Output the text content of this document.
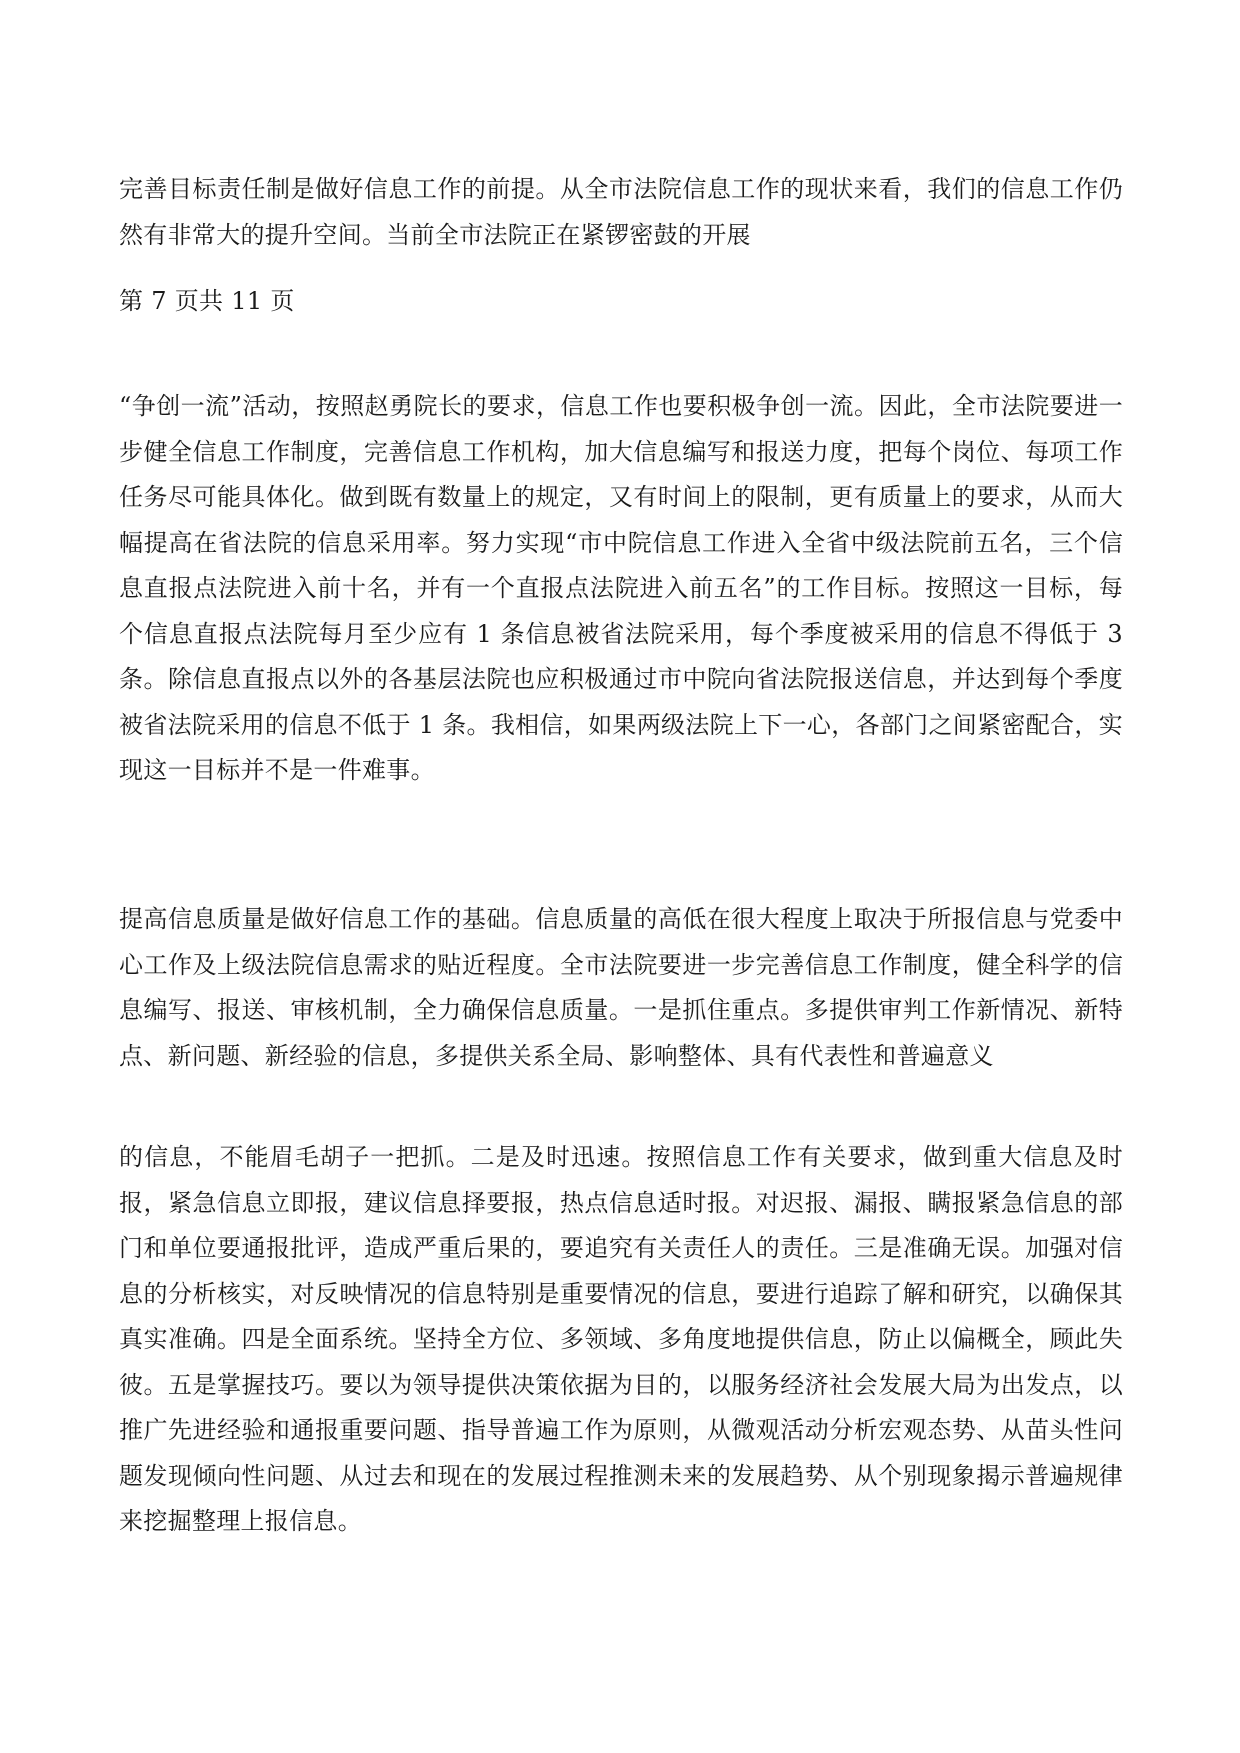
完善目标责任制是做好信息工作的前提。从全市法院信息工作的现状来看，我们的信息工作仍然有非常大的提升空间。当前全市法院正在紧锣密鼓的开展

第 7 页共 11 页

“争创一流”活动，按照赵勇院长的要求，信息工作也要积极争创一流。因此，全市法院要进一步健全信息工作制度，完善信息工作机构，加大信息编写和报送力度，把每个岗位、每项工作任务尽可能具体化。做到既有数量上的规定，又有时间上的限制，更有质量上的要求，从而大幅提高在省法院的信息采用率。努力实现“市中院信息工作进入全省中级法院前五名，三个信息直报点法院进入前十名，并有一个直报点法院进入前五名”的工作目标。按照这一目标，每个信息直报点法院每月至少应有 1 条信息被省法院采用，每个季度被采用的信息不得低于 3 条。除信息直报点以外的各基层法院也应积极通过市中院向省法院报送信息，并达到每个季度被省法院采用的信息不低于 1 条。我相信，如果两级法院上下一心，各部门之间紧密配合，实现这一目标并不是一件难事。

提高信息质量是做好信息工作的基础。信息质量的高低在很大程度上取决于所报信息与党委中心工作及上级法院信息需求的贴近程度。全市法院要进一步完善信息工作制度，健全科学的信息编写、报送、审核机制，全力确保信息质量。一是抓住重点。多提供审判工作新情况、新特点、新问题、新经验的信息，多提供关系全局、影响整体、具有代表性和普遍意义

的信息，不能眉毛胡子一把抓。二是及时迅速。按照信息工作有关要求，做到重大信息及时报，紧急信息立即报，建议信息择要报，热点信息适时报。对迟报、漏报、瞒报紧急信息的部门和单位要通报批评，造成严重后果的，要追究有关责任人的责任。三是准确无误。加强对信息的分析核实，对反映情况的信息特别是重要情况的信息，要进行追踪了解和研究，以确保其真实准确。四是全面系统。坚持全方位、多领域、多角度地提供信息，防止以偏概全，顾此失彼。五是掌握技巧。要以为领导提供决策依据为目的，以服务经济社会发展大局为出发点，以推广先进经验和通报重要问题、指导普遍工作为原则，从微观活动分析宏观态势、从苗头性问题发现倾向性问题、从过去和现在的发展过程推测未来的发展趋势、从个别现象揭示普遍规律来挖掘整理上报信息。
